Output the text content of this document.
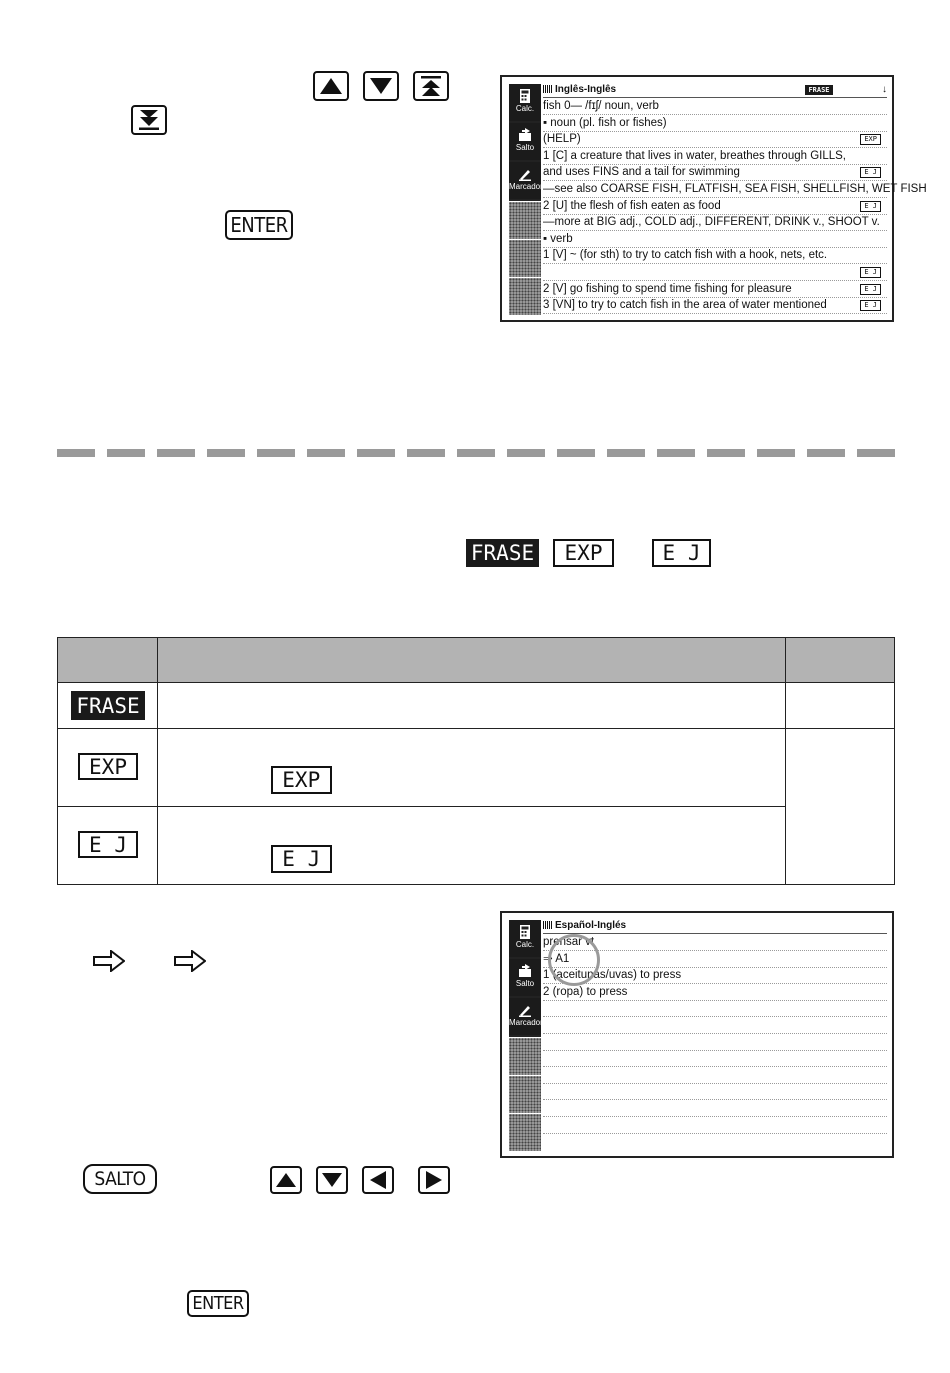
ENTER
Calc.
Salto
Marcador
Inglês-Inglês	FRASE	↓
fish 0— /fɪʃ/ noun, verb
▪ noun (pl. fish or fishes)
(HELP)	EXP
1 [C] a creature that lives in water, breathes through GILLS,
and uses FINS and a tail for swimming	E J
—see also COARSE FISH, FLATFISH, SEA FISH, SHELLFISH, WET FISH
2 [U] the flesh of fish eaten as food	E J
—more at BIG adj., COLD adj., DIFFERENT, DRINK v., SHOOT v.
▪ verb
1 [V] ~ (for sth) to try to catch fish with a hook, nets, etc.
E J
2 [V] go fishing to spend time fishing for pleasure	E J
3 [VN] to try to catch fish in the area of water mentioned	E J
FRASE	EXP	E J

FRASE		

EXP	EXP	

E J	E J	
Calc.
Salto
Marcador
Español-Inglés
prensar vt
⇒ A1
1 (aceitunas/uvas) to press
2 (ropa) to press
SALTO
ENTER
